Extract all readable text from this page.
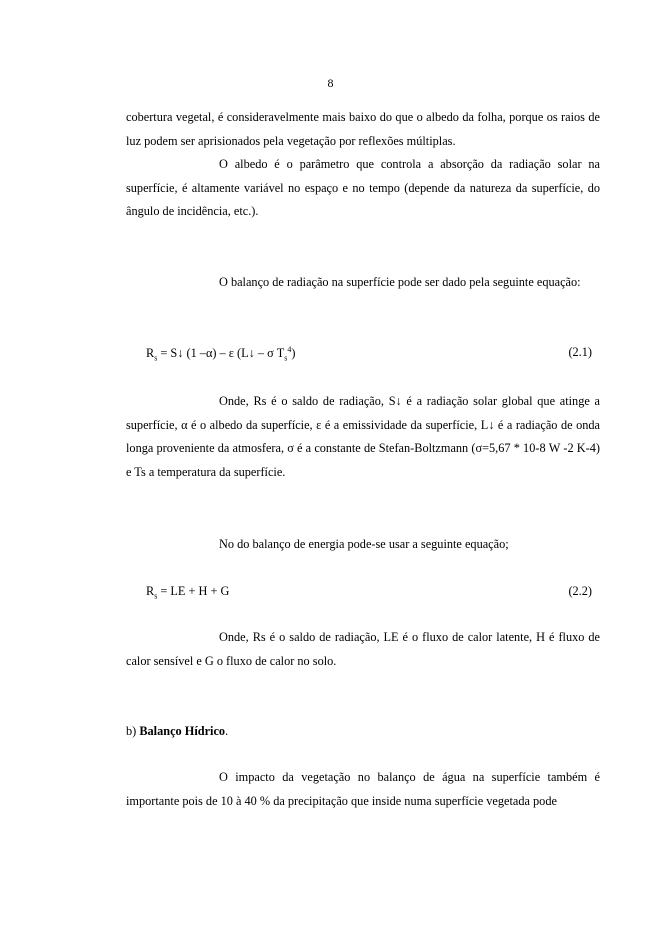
8

cobertura vegetal, é consideravelmente mais baixo do que o albedo da folha, porque os raios de luz podem ser aprisionados pela vegetação por reflexões múltiplas.

O albedo é o parâmetro que controla a absorção da radiação solar na superfície, é altamente variável no espaço e no tempo (depende da natureza da superfície, do ângulo de incidência, etc.).

O balanço de radiação na superfície pode ser dado pela seguinte equação:

$R_s$ = S↓ (1 –α) – ε (L↓ – σ $T_s^4$)	(2.1)

Onde, Rs é o saldo de radiação, S↓ é a radiação solar global que atinge a superfície, α é o albedo da superfície, ε é a emissividade da superfície, L↓ é a radiação de onda longa proveniente da atmosfera, σ é a constante de Stefan-Boltzmann (σ=5,67 * 10-8 W -2 K-4) e Ts a temperatura da superfície.

No do balanço de energia pode-se usar a seguinte equação;

$R_s$ = LE + H + G	(2.2)

Onde, Rs é o saldo de radiação, LE é o fluxo de calor latente, H é fluxo de calor sensível e G o fluxo de calor no solo.

b) Balanço Hídrico.

O impacto da vegetação no balanço de água na superfície também é importante pois de 10 à 40 % da precipitação que inside numa superfície vegetada pode
